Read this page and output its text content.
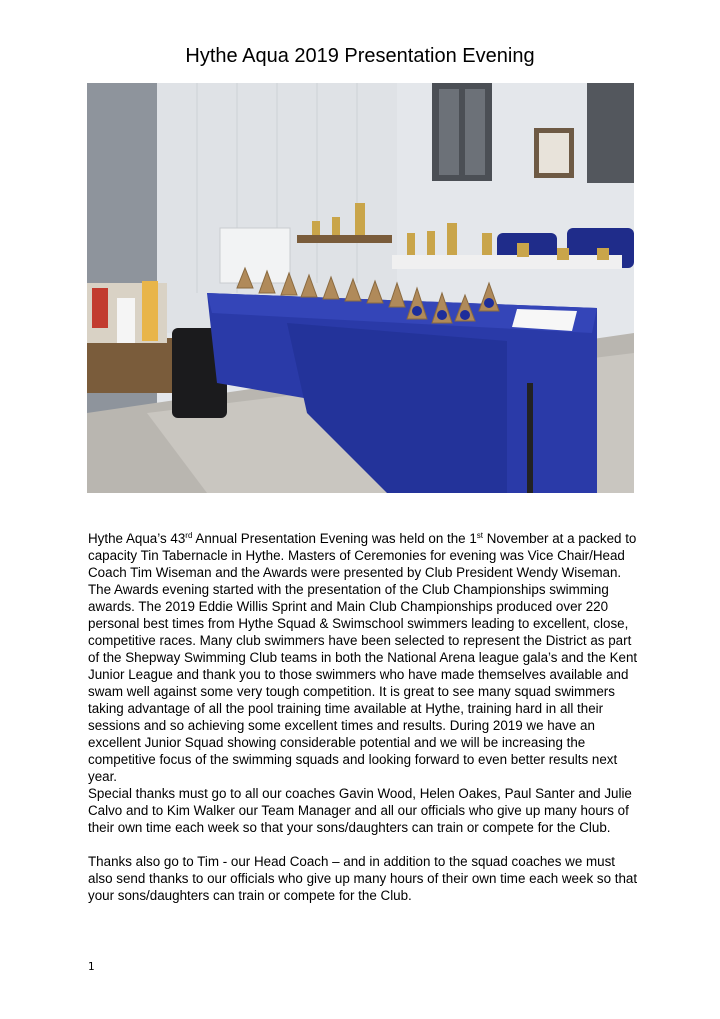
Hythe Aqua 2019 Presentation Evening

Hythe Aqua’s 43rd Annual Presentation Evening was held on the 1st November at a packed to capacity Tin Tabernacle in Hythe. Masters of Ceremonies for evening was Vice Chair/Head Coach Tim Wiseman and the Awards were presented by Club President Wendy Wiseman.

The Awards evening started with the presentation of the Club Championships swimming awards. The 2019 Eddie Willis Sprint and Main Club Championships produced over 220 personal best times from Hythe Squad & Swimschool swimmers leading to excellent, close, competitive races. Many club swimmers have been selected to represent the District as part of the Shepway Swimming Club teams in both the National Arena league gala’s and the Kent Junior League and thank you to those swimmers who have made themselves available and swam well against some very tough competition. It is great to see many squad swimmers taking advantage of all the pool training time available at Hythe, training hard in all their sessions and so achieving some excellent times and results. During 2019 we have an excellent Junior Squad showing considerable potential and we will be increasing the competitive focus of the swimming squads and looking forward to even better results next year.

Special thanks must go to all our coaches Gavin Wood, Helen Oakes, Paul Santer and Julie Calvo and to Kim Walker our Team Manager and all our officials who give up many hours of their own time each week so that your sons/daughters can train or compete for the Club.

Thanks also go to Tim - our Head Coach – and in addition to the squad coaches we must also send thanks to our officials who give up many hours of their own time each week so that your sons/daughters can train or compete for the Club.

1
